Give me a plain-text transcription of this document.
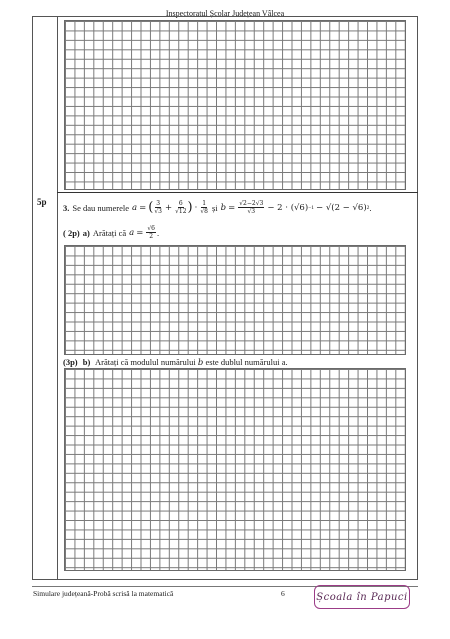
Inspectoratul Școlar Județean Vâlcea
5p
3. Se dau numerele a = ( $\frac{3}{√3} + \frac{6}{√12}$ ) · $\frac{1}{√8}$ și $b = \frac{√2-2√3}{√3} - 2 \cdot (√6) -1 - √(2 - √6)$ 2 .
( 2p) a) Arătați că $a = \frac{√6}{2}$ .
(3p) b) Arătați că modulul numărului b este dublul numărului a.
Simulare județeană-Probă scrisă la matematică	6	Școala în Papuci
